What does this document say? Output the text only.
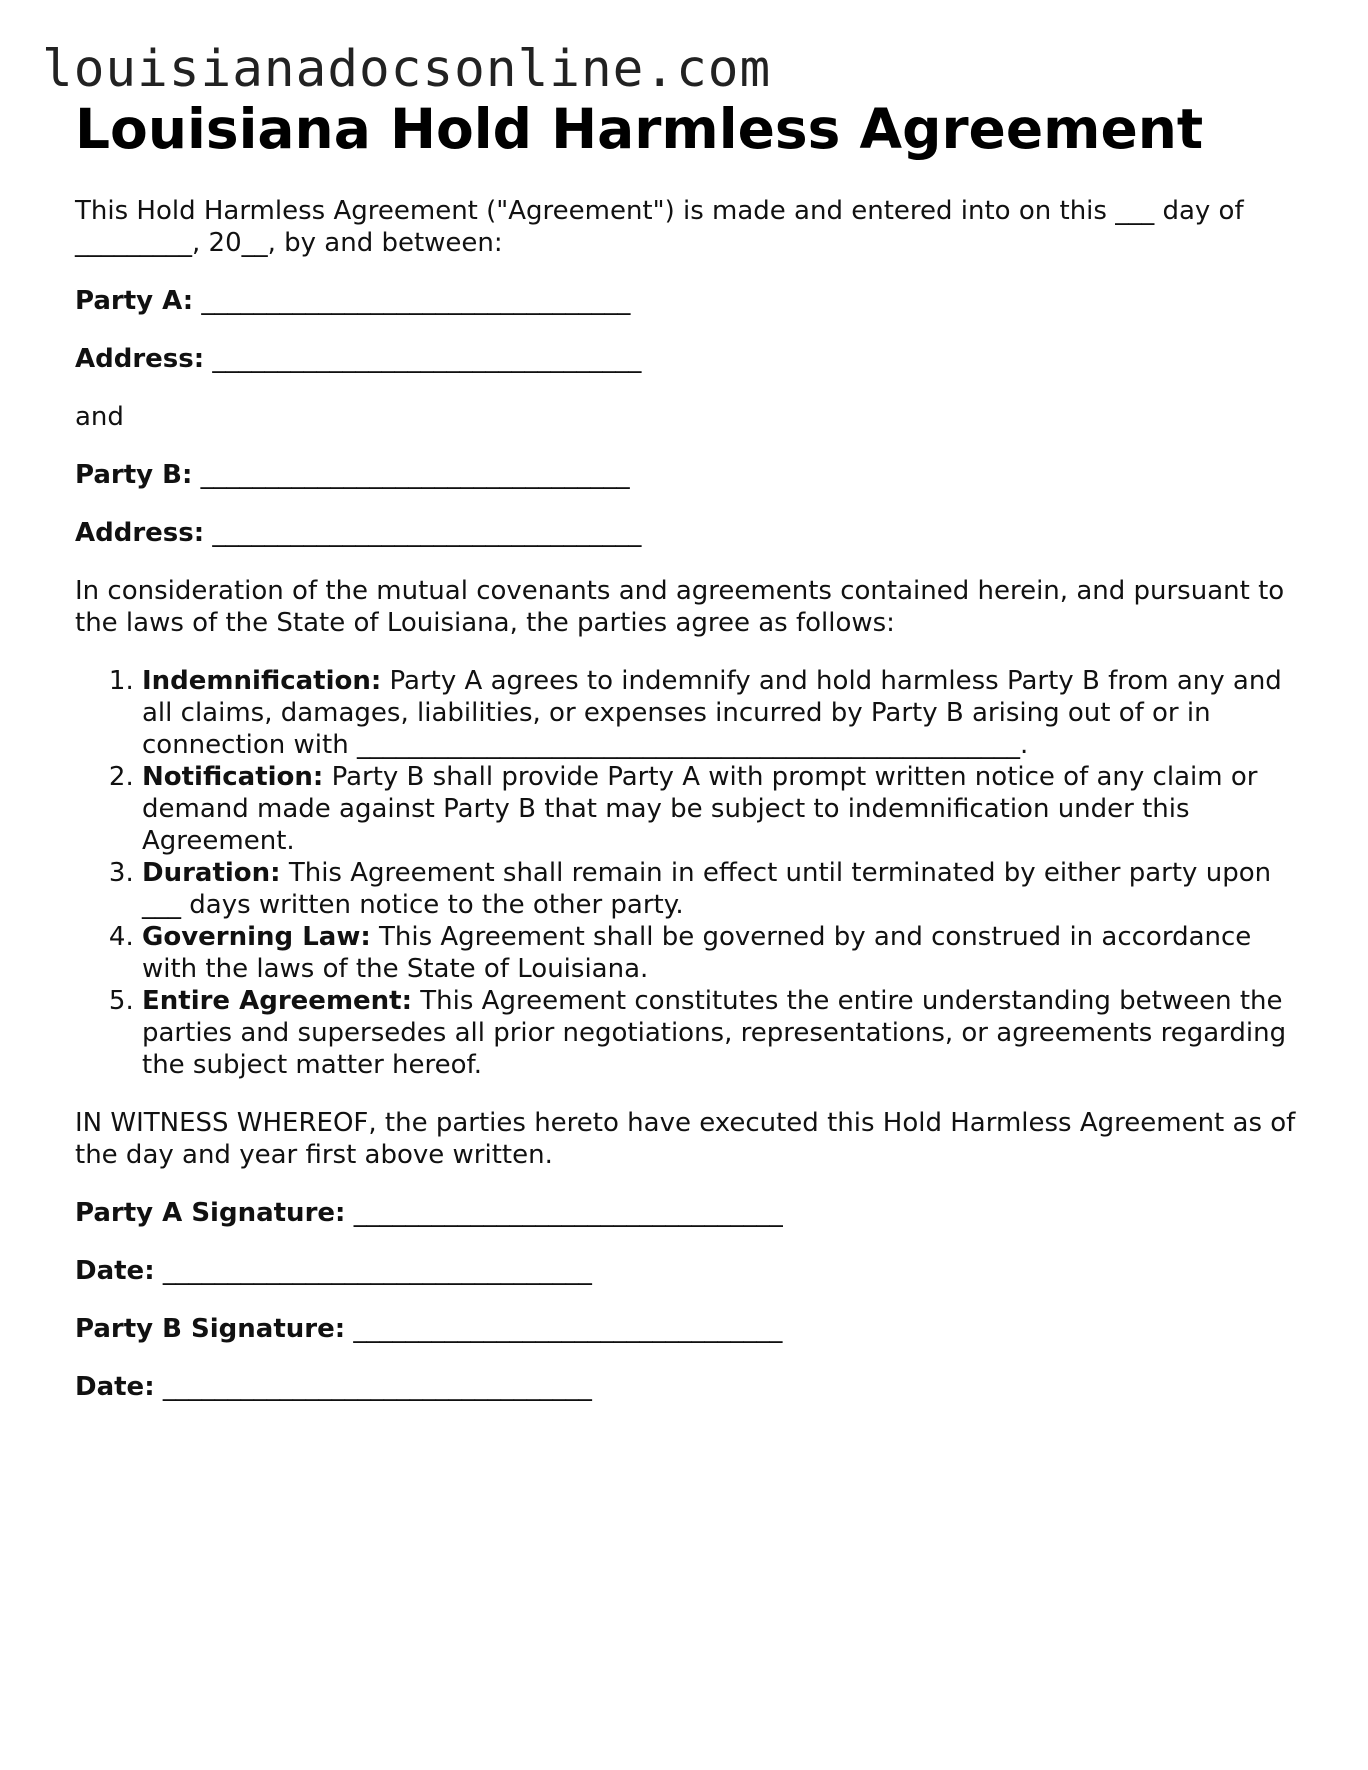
louisianadocsonline.com
Louisiana Hold Harmless Agreement

This Hold Harmless Agreement ("Agreement") is made and entered into on this ___ day of
_________, 20__, by and between:

Party A: _________________________________

Address: _________________________________

and

Party B: _________________________________

Address: _________________________________

In consideration of the mutual covenants and agreements contained herein, and pursuant to the laws of the State of Louisiana, the parties agree as follows:

1. Indemnification: Party A agrees to indemnify and hold harmless Party B from any and all claims, damages, liabilities, or expenses incurred by Party B arising out of or in connection with ___________________________________________________.
2. Notification: Party B shall provide Party A with prompt written notice of any claim or demand made against Party B that may be subject to indemnification under this Agreement.
3. Duration: This Agreement shall remain in effect until terminated by either party upon ___ days written notice to the other party.
4. Governing Law: This Agreement shall be governed by and construed in accordance with the laws of the State of Louisiana.
5. Entire Agreement: This Agreement constitutes the entire understanding between the parties and supersedes all prior negotiations, representations, or agreements regarding the subject matter hereof.

IN WITNESS WHEREOF, the parties hereto have executed this Hold Harmless Agreement as of the day and year first above written.

Party A Signature: _________________________________

Date: _________________________________

Party B Signature: _________________________________

Date: _________________________________
